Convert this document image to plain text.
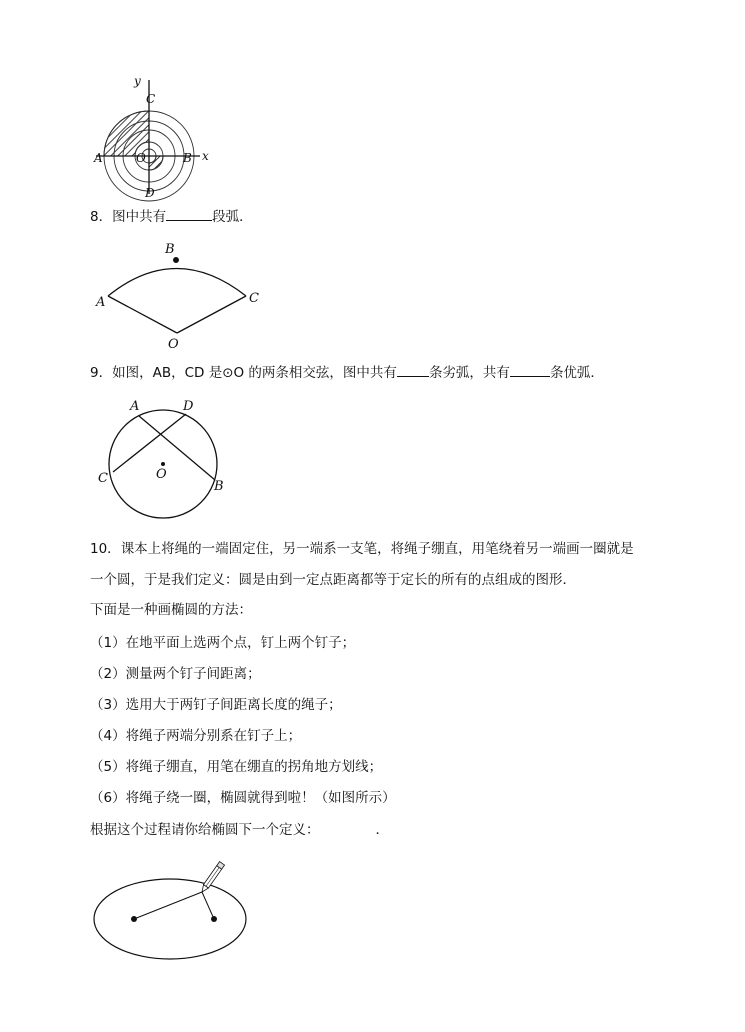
y
C
A	O	B x
D
8．图中共有	段弧．
B
A	C
O
9．如图，AB，CD 是⊙O 的两条相交弦，图中共有 条劣弧，共有	条优弧．
A	D
C	O
B
10．课本上将绳的一端固定住，另一端系一支笔，将绳子绷直，用笔绕着另一端画一圈就是
一个圆，于是我们定义：圆是由到一定点距离都等于定长的所有的点组成的图形．
下面是一种画椭圆的方法：
（1）在地平面上选两个点，钉上两个钉子；
（2）测量两个钉子间距离；
（3）选用大于两钉子间距离长度的绳子；
（4）将绳子两端分别系在钉子上；
（5）将绳子绷直，用笔在绷直的拐角地方划线；
（6）将绳子绕一圈，椭圆就得到啦！（如图所示）
根据这个过程请你给椭圆下一个定义：	．
